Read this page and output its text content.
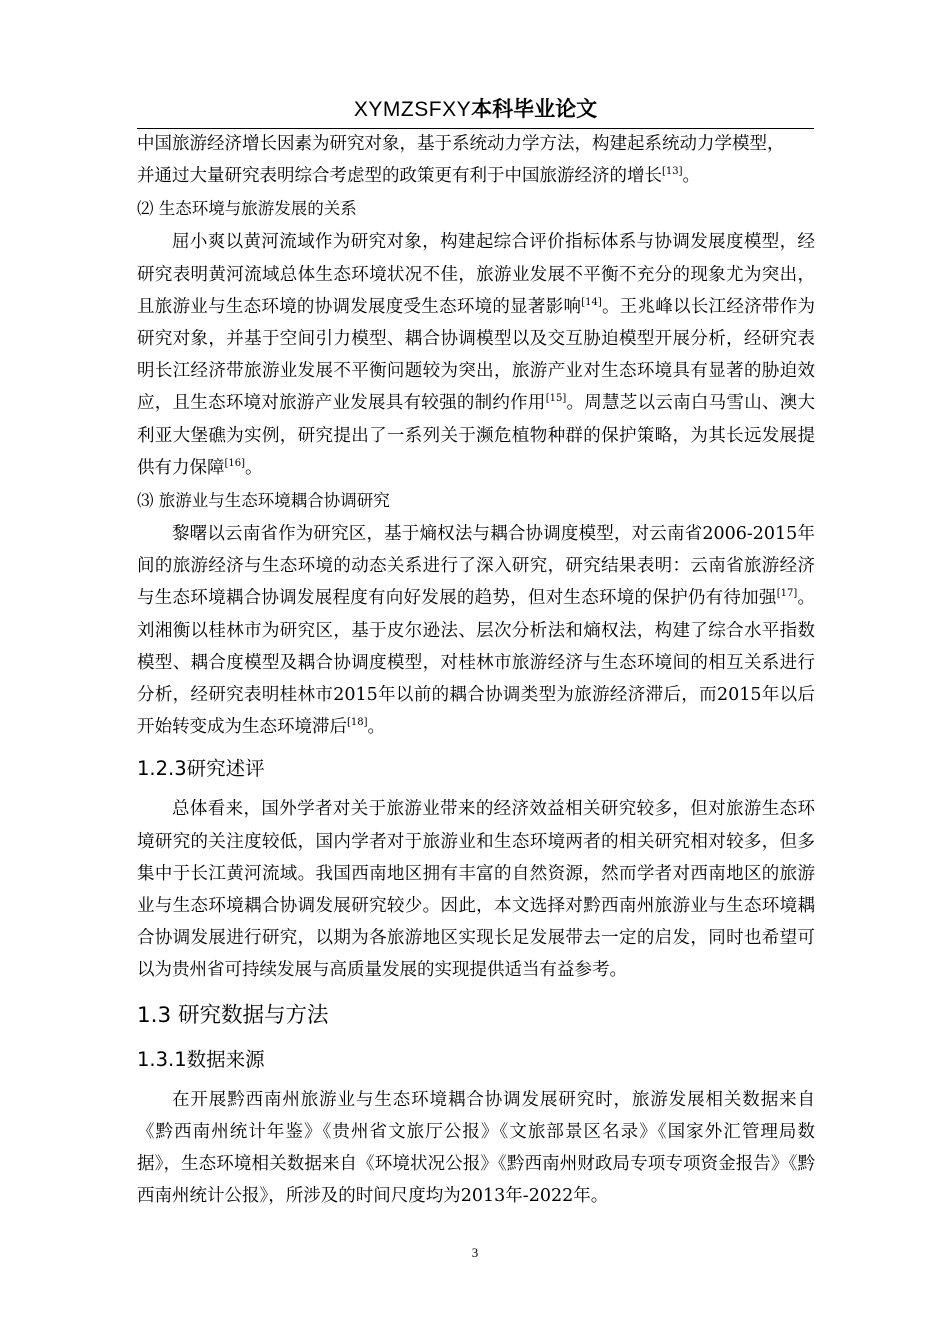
XYMZSFXY本科毕业论文

中国旅游经济增长因素为研究对象，基于系统动力学方法，构建起系统动力学模型，
并通过大量研究表明综合考虑型的政策更有利于中国旅游经济的增长[13]。

⑵ 生态环境与旅游发展的关系

屈小爽以黄河流域作为研究对象，构建起综合评价指标体系与协调发展度模型，经研究表明黄河流域总体生态环境状况不佳，旅游业发展不平衡不充分的现象尤为突出，且旅游业与生态环境的协调发展度受生态环境的显著影响[14]。王兆峰以长江经济带作为研究对象，并基于空间引力模型、耦合协调模型以及交互胁迫模型开展分析，经研究表明长江经济带旅游业发展不平衡问题较为突出，旅游产业对生态环境具有显著的胁迫效应，且生态环境对旅游产业发展具有较强的制约作用[15]。周慧芝以云南白马雪山、澳大利亚大堡礁为实例，研究提出了一系列关于濒危植物种群的保护策略，为其长远发展提供有力保障[16]。

⑶ 旅游业与生态环境耦合协调研究

黎曙以云南省作为研究区，基于熵权法与耦合协调度模型，对云南省2006-2015年间的旅游经济与生态环境的动态关系进行了深入研究，研究结果表明：云南省旅游经济与生态环境耦合协调发展程度有向好发展的趋势，但对生态环境的保护仍有待加强[17]。刘湘衡以桂林市为研究区，基于皮尔逊法、层次分析法和熵权法，构建了综合水平指数模型、耦合度模型及耦合协调度模型，对桂林市旅游经济与生态环境间的相互关系进行分析，经研究表明桂林市2015年以前的耦合协调类型为旅游经济滞后，而2015年以后开始转变成为生态环境滞后[18]。

1.2.3研究述评

总体看来，国外学者对关于旅游业带来的经济效益相关研究较多，但对旅游生态环境研究的关注度较低，国内学者对于旅游业和生态环境两者的相关研究相对较多，但多集中于长江黄河流域。我国西南地区拥有丰富的自然资源，然而学者对西南地区的旅游业与生态环境耦合协调发展研究较少。因此，本文选择对黔西南州旅游业与生态环境耦合协调发展进行研究，以期为各旅游地区实现长足发展带去一定的启发，同时也希望可以为贵州省可持续发展与高质量发展的实现提供适当有益参考。

1.3 研究数据与方法

1.3.1数据来源

在开展黔西南州旅游业与生态环境耦合协调发展研究时，旅游发展相关数据来自《黔西南州统计年鉴》《贵州省文旅厅公报》《文旅部景区名录》《国家外汇管理局数据》，生态环境相关数据来自《环境状况公报》《黔西南州财政局专项专项资金报告》《黔西南州统计公报》，所涉及的时间尺度均为2013年-2022年。

3
